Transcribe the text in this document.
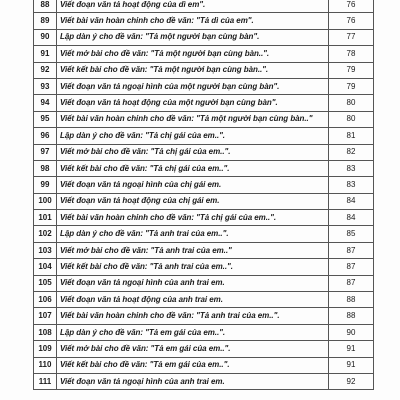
88	Viết đoạn văn tả hoạt động của dì em".	76
89	Viết bài văn hoàn chỉnh cho đề văn: "Tả dì của em".	76
90	Lập dàn ý cho đề văn: "Tả một người bạn cùng bàn".	77
91	Viết mở bài cho đề văn: "Tả một người bạn cùng bàn..".	78
92	Viết kết bài cho đề văn: "Tả một người bạn cùng bàn..".	79
93	Viết đoạn văn tả ngoại hình của một người bạn cùng bàn".	79
94	Viết đoạn văn tả hoạt động của một người bạn cùng bàn".	80
95	Viết bài văn hoàn chỉnh cho đề văn: "Tả một người bạn cùng bàn.."	80
96	Lập dàn ý cho đề văn: "Tả chị gái của em..".	81
97	Viết mở bài cho đề văn: "Tả chị gái của em..".	82
98	Viết kết bài cho đề văn: "Tả chị gái của em..".	83
99	Viết đoạn văn tả ngoại hình của chị gái em.	83
100	Viết đoạn văn tả hoạt động của chị gái em.	84
101	Viết bài văn hoàn chỉnh cho đề văn: "Tả chị gái của em..".	84
102	Lập dàn ý cho đề văn: "Tả anh trai của em..".	85
103	Viết mở bài cho đề văn: "Tả anh trai của em.."	87
104	Viết kết bài cho đề văn: "Tả anh trai của em..".	87
105	Viết đoạn văn tả ngoại hình của anh trai em.	87
106	Viết đoạn văn tả hoạt động của anh trai em.	88
107	Viết bài văn hoàn chỉnh cho đề văn: "Tả anh trai của em..".	88
108	Lập dàn ý cho đề văn: "Tả em gái của em..".	90
109	Viết mở bài cho đề văn: "Tả em gái của em..".	91
110	Viết kết bài cho đề văn: "Tả em gái của em..".	91
111	Viết đoạn văn tả ngoại hình của anh trai em.	92
